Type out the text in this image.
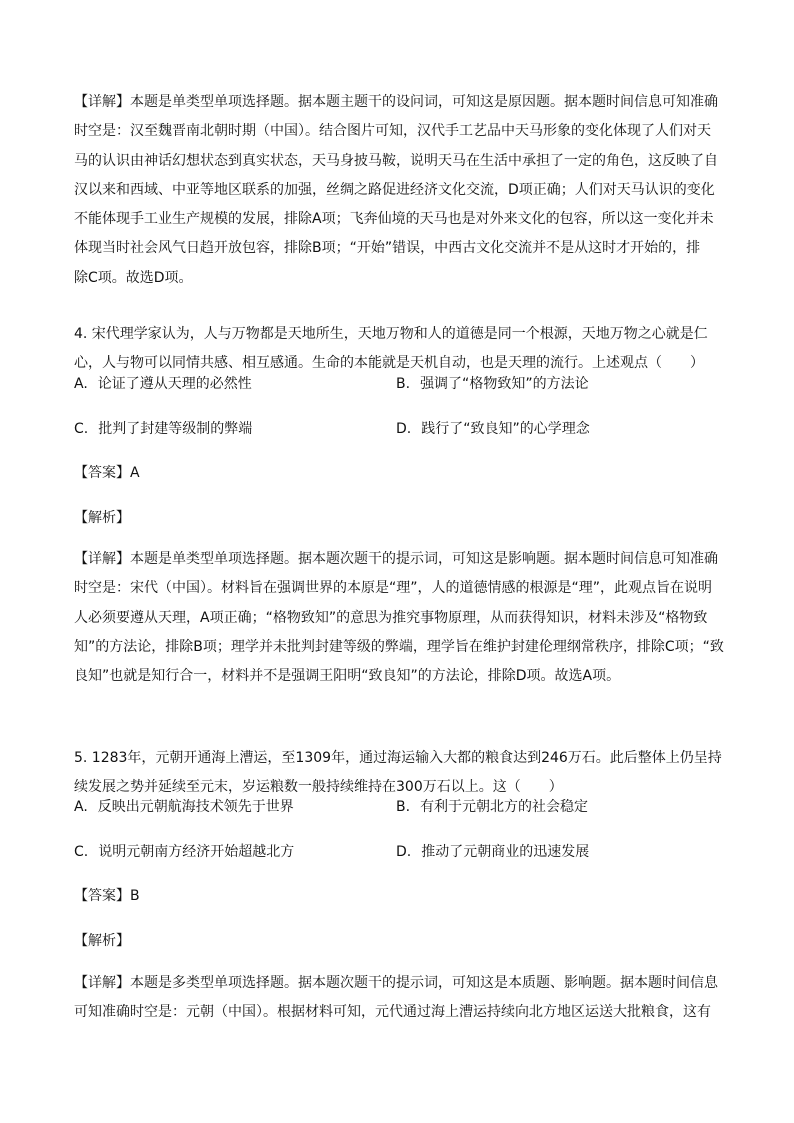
【详解】本题是单类型单项选择题。据本题主题干的设问词，可知这是原因题。据本题时间信息可知准确
时空是：汉至魏晋南北朝时期（中国）。结合图片可知，汉代手工艺品中天马形象的变化体现了人们对天
马的认识由神话幻想状态到真实状态，天马身披马鞍，说明天马在生活中承担了一定的角色，这反映了自
汉以来和西域、中亚等地区联系的加强，丝绸之路促进经济文化交流，D项正确；人们对天马认识的变化
不能体现手工业生产规模的发展，排除A项；飞奔仙境的天马也是对外来文化的包容，所以这一变化并未
体现当时社会风气日趋开放包容，排除B项；“开始”错误，中西古文化交流并不是从这时才开始的，排
除C项。故选D项。
4. 宋代理学家认为，人与万物都是天地所生，天地万物和人的道德是同一个根源，天地万物之心就是仁
心，人与物可以同情共感、相互感通。生命的本能就是天机自动，也是天理的流行。上述观点（　　）
A. 论证了遵从天理的必然性	B. 强调了“格物致知”的方法论
C. 批判了封建等级制的弊端	D. 践行了“致良知”的心学理念
【答案】A
【解析】
【详解】本题是单类型单项选择题。据本题次题干的提示词，可知这是影响题。据本题时间信息可知准确
时空是：宋代（中国）。材料旨在强调世界的本原是“理”，人的道德情感的根源是“理”，此观点旨在说明
人必须要遵从天理，A项正确；“格物致知”的意思为推究事物原理，从而获得知识，材料未涉及“格物致
知”的方法论，排除B项；理学并未批判封建等级的弊端，理学旨在维护封建伦理纲常秩序，排除C项；“致
良知”也就是知行合一，材料并不是强调王阳明“致良知”的方法论，排除D项。故选A项。
5. 1283年，元朝开通海上漕运，至1309年，通过海运输入大都的粮食达到246万石。此后整体上仍呈持
续发展之势并延续至元末，岁运粮数一般持续维持在300万石以上。这（　　）
A. 反映出元朝航海技术领先于世界	B. 有利于元朝北方的社会稳定
C. 说明元朝南方经济开始超越北方	D. 推动了元朝商业的迅速发展
【答案】B
【解析】
【详解】本题是多类型单项选择题。据本题次题干的提示词，可知这是本质题、影响题。据本题时间信息
可知准确时空是：元朝（中国）。根据材料可知，元代通过海上漕运持续向北方地区运送大批粮食，这有
